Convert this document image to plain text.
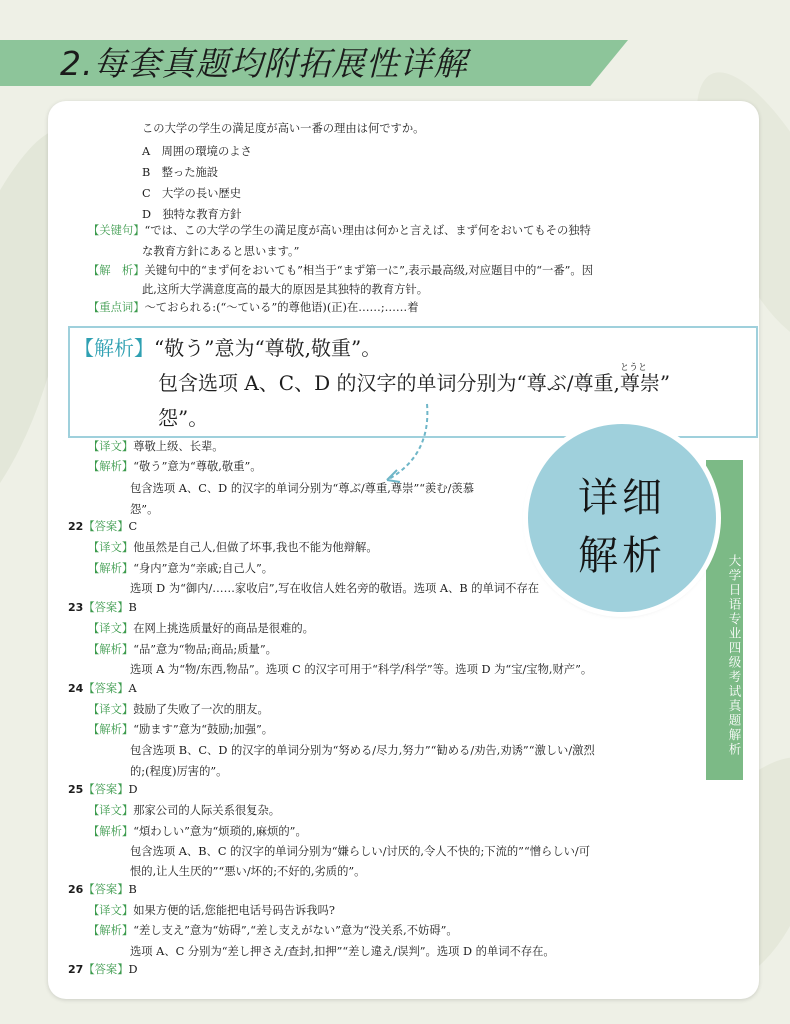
2.每套真题均附拓展性详解
この大学の学生の満足度が高い一番の理由は何ですか。
A　周囲の環境のよさ
B　整った施設
C　大学の長い歴史
D　独特な教育方針
【关键句】“では、この大学の学生の満足度が高い理由は何かと言えば、まず何をおいてもその独特
な教育方針にあると思います。”
【解　析】关键句中的“まず何をおいても”相当于“まず第一に”,表示最高级,对应题目中的“一番”。因
此,这所大学满意度高的最大的原因是其独特的教育方针。
【重点词】～ておられる:(“～ている”的尊他语)(正)在……;……着
【译文】尊敬上级、长辈。
【解析】“敬う”意为“尊敬,敬重”。
包含选项 A、C、D 的汉字的单词分别为“尊ぶ/尊重,尊崇”“羨む/羡慕
怨”。
22【答案】C
【译文】他虽然是自己人,但做了坏事,我也不能为他辩解。
【解析】“身内”意为“亲戚;自己人”。
选项 D 为“御内/……家收启”,写在收信人姓名旁的敬语。选项 A、B 的单词不存在
23【答案】B
【译文】在网上挑选质量好的商品是很难的。
【解析】“品”意为“物品;商品;质量”。
选项 A 为“物/东西,物品”。选项 C 的汉字可用于“科学/科学”等。选项 D 为“宝/宝物,财产”。
24【答案】A
【译文】鼓励了失败了一次的朋友。
【解析】“励ます”意为“鼓励;加强”。
包含选项 B、C、D 的汉字的单词分别为“努める/尽力,努力”“勧める/劝告,劝诱”“激しい/激烈
的;(程度)厉害的”。
25【答案】D
【译文】那家公司的人际关系很复杂。
【解析】“煩わしい”意为“烦琐的,麻烦的”。
包含选项 A、B、C 的汉字的单词分别为“嫌らしい/讨厌的,令人不快的;下流的”“憎らしい/可
恨的,让人生厌的”“悪い/坏的;不好的,劣质的”。
26【答案】B
【译文】如果方便的话,您能把电话号码告诉我吗?
【解析】“差し支え”意为“妨碍”,“差し支えがない”意为“没关系,不妨碍”。
选项 A、C 分别为“差し押さえ/查封,扣押”“差し違え/误判”。选项 D 的单词不存在。
27【答案】D
大学日语专业四级考试真题解析
【解析】“敬う”意为“尊敬,敬重”。
とうと
包含选项 A、C、D 的汉字的单词分别为“尊ぶ/尊重,尊崇”
怨”。
详细
解析
